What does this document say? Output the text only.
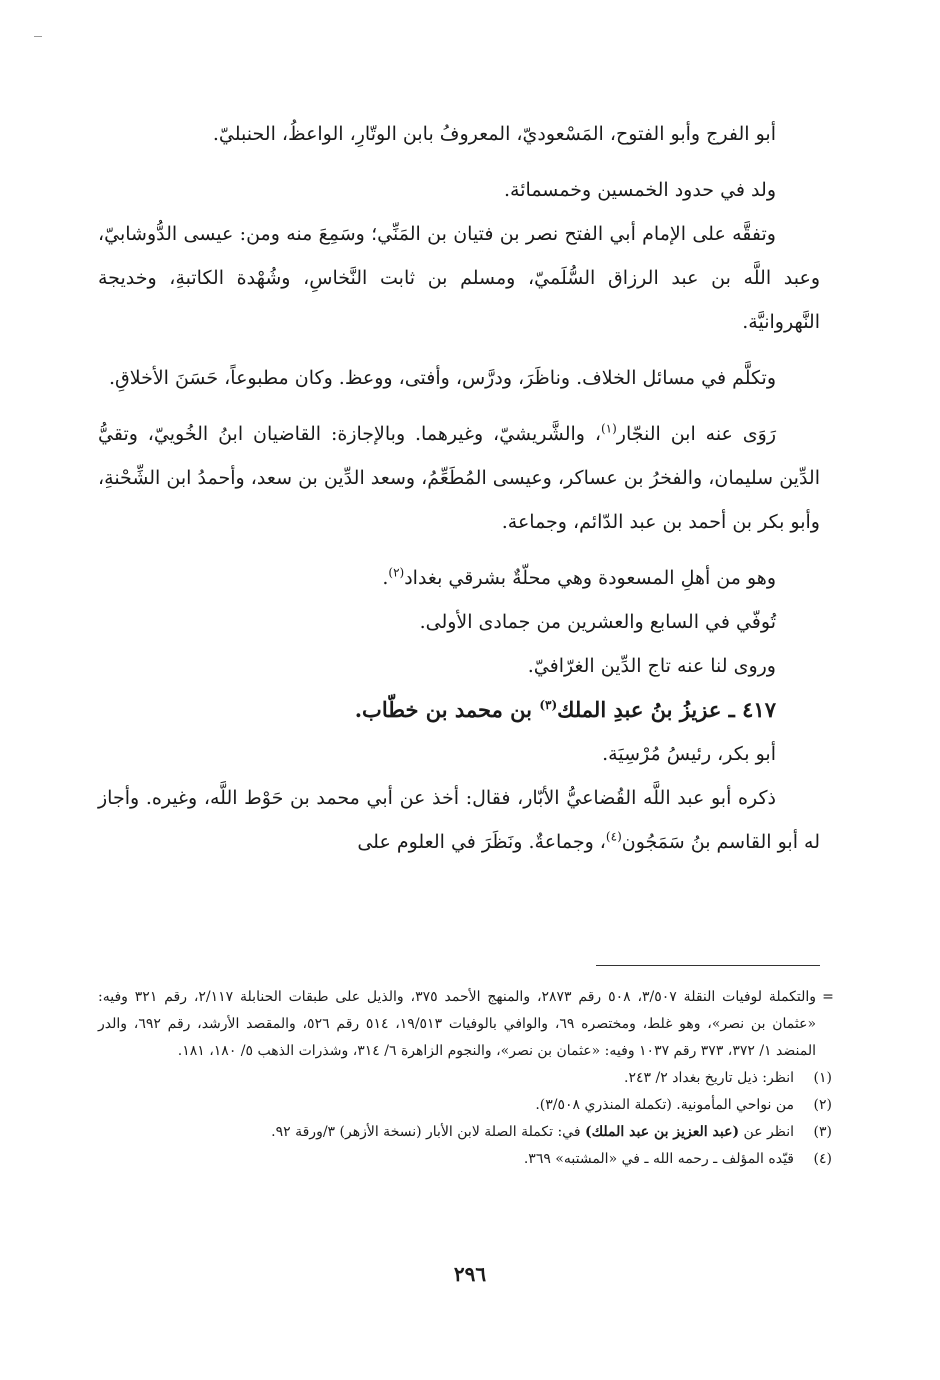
أبو الفرج وأبو الفتوح، المَسْعوديّ، المعروفُ بابن الوتّارِ، الواعظُ، الحنبليّ.

ولد في حدود الخمسين وخمسمائة.

وتفقَّه على الإمام أبي الفتح نصر بن فتيان بن المَنِّي؛ وسَمِعَ منه ومن: عيسى الدُّوشابيّ، وعبد اللَّه بن عبد الرزاق السُّلَميّ، ومسلم بن ثابت النَّخاسِ، وشُهْدة الكاتبةِ، وخديجة النَّهروانيَّة.

وتكلَّم في مسائل الخلاف. وناظَرَ، ودرَّس، وأفتى، ووعظ. وكان مطبوعاً، حَسَنَ الأخلاقِ.

رَوَى عنه ابن النجّار$^{(١)}$، والشَّريشيّ، وغيرهما. وبالإجازة: القاضيان ابنُ الخُوييّ، وتقيُّ الدِّين سليمان، والفخرُ بن عساكر، وعيسى المُطَعِّمُ، وسعد الدِّين بن سعد، وأحمدُ ابن الشِّحْنةِ، وأبو بكر بن أحمد بن عبد الدّائم، وجماعة.

وهو من أهلِ المسعودة وهي محلّةٌ بشرقي بغداد$^{(٢)}$.

تُوفّي في السابع والعشرين من جمادى الأولى.

وروى لنا عنه تاج الدِّين الغرّافيّ.

٤١٧ ـ عزيزُ بنُ عبدِ الملك$^{(٣)}$ بن محمد بن خطّاب.

أبو بكر، رئيسُ مُرْسِيَة.

ذكره أبو عبد اللَّه القُضاعيُّ الأبّار، فقال: أخذ عن أبي محمد بن حَوْط اللَّه، وغيره. وأجاز له أبو القاسم بنُ سَمَجُون$^{(٤)}$، وجماعةٌ. ونَظَرَ في العلوم على

=
والتكملة لوفيات النقلة ٣/٥٠٧، ٥٠٨ رقم ٢٨٧٣، والمنهج الأحمد ٣٧٥، والذيل على طبقات الحنابلة ٢/١١٧، رقم ٣٢١ وفيه: «عثمان بن نصر»، وهو غلط، ومختصره ٦٩، والوافي بالوفيات ١٩/٥١٣، ٥١٤ رقم ٥٢٦، والمقصد الأرشد، رقم ٦٩٢، والدر المنضد ١/ ٣٧٢، ٣٧٣ رقم ١٠٣٧ وفيه: «عثمان بن نصر»، والنجوم الزاهرة ٦/ ٣١٤، وشذرات الذهب ٥/ ١٨٠، ١٨١.
(١)
انظر: ذيل تاريخ بغداد ٢/ ٢٤٣.
(٢)
من نواحي المأمونية. (تكملة المنذري ٣/٥٠٨).
(٣)
انظر عن (عبد العزيز بن عبد الملك) في: تكملة الصلة لابن الأبار (نسخة الأزهر) ٣/ورقة ٩٢.
(٤)
قيّده المؤلف ـ رحمه الله ـ في «المشتبه» ٣٦٩.
٢٩٦
